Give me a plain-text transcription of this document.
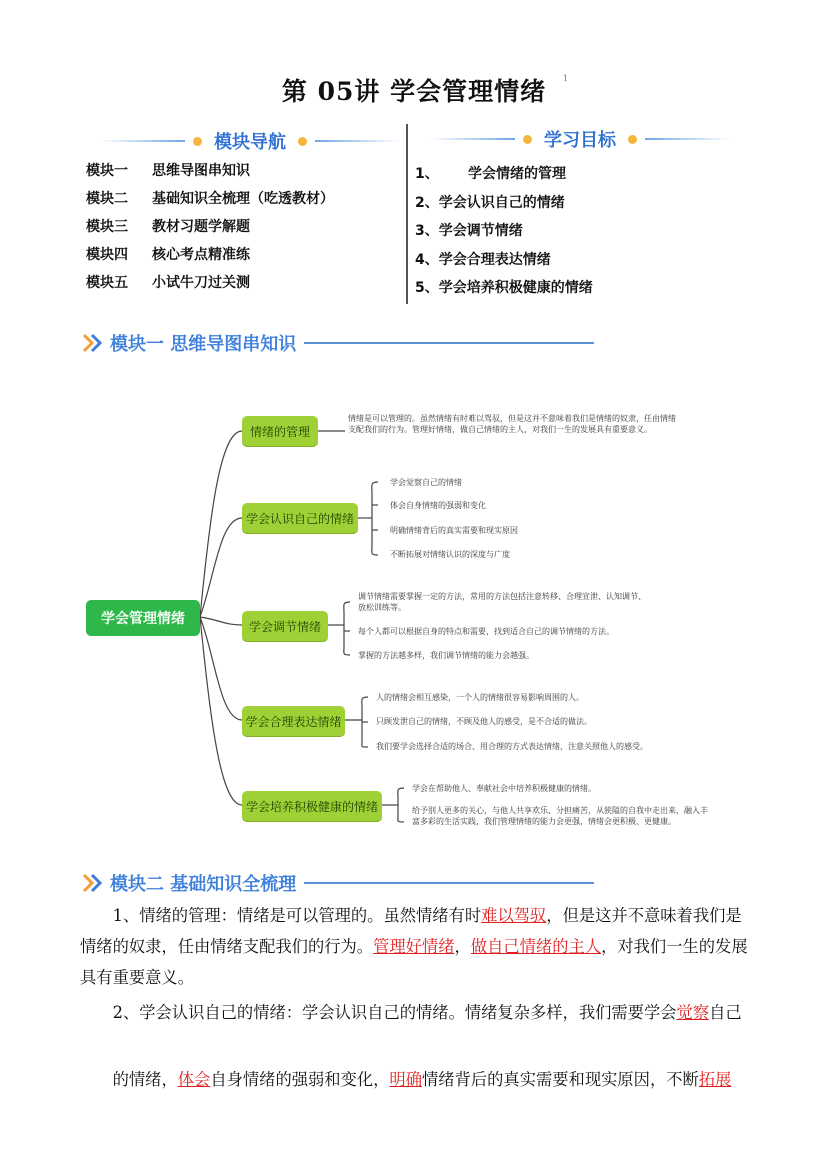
第 05讲 学会管理情绪	1
模块导航	学习目标
模块一	思维导图串知识
模块二	基础知识全梳理（吃透教材）
模块三	教材习题学解题
模块四	核心考点精准练
模块五	小试牛刀过关测
1、      学会情绪的管理
2、学会认识自己的情绪
3、学会调节情绪
4、学会合理表达情绪
5、学会培养积极健康的情绪
模块一 思维导图串知识
学会管理情绪
情绪的管理
情绪是可以管理的。虽然情绪有时难以驾驭，但是这并不意味着我们是情绪的奴隶，任由情绪支配我们的行为。管理好情绪，做自己情绪的主人，对我们一生的发展具有重要意义。
学会认识自己的情绪
学会觉察自己的情绪
体会自身情绪的强弱和变化
明确情绪背后的真实需要和现实原因
不断拓展对情绪认识的深度与广度
学会调节情绪
调节情绪需要掌握一定的方法，常用的方法包括注意转移、合理宣泄、认知调节、放松训练等。
每个人都可以根据自身的特点和需要，找到适合自己的调节情绪的方法。
掌握的方法越多样，我们调节情绪的能力会越强。
学会合理表达情绪
人的情绪会相互感染，一个人的情绪很容易影响周围的人。
只顾发泄自己的情绪，不顾及他人的感受，是不合适的做法。
我们要学会选择合适的场合、用合理的方式表达情绪，注意关照他人的感受。
学会培养积极健康的情绪
学会在帮助他人、奉献社会中培养积极健康的情绪。
给予别人更多的关心，与他人共享欢乐、分担痛苦，从狭隘的自我中走出来，融入丰富多彩的生活实践，我们管理情绪的能力会更强，情绪会更积极、更健康。
模块二 基础知识全梳理
1、情绪的管理：情绪是可以管理的。虽然情绪有时难以驾驭，但是这并不意味着我们是情绪的奴隶，任由情绪支配我们的行为。管理好情绪，做自己情绪的主人，对我们一生的发展具有重要意义。
2、学会认识自己的情绪：学会认识自己的情绪。情绪复杂多样，我们需要学会觉察自己
的情绪，体会自身情绪的强弱和变化，明确情绪背后的真实需要和现实原因，不断拓展
